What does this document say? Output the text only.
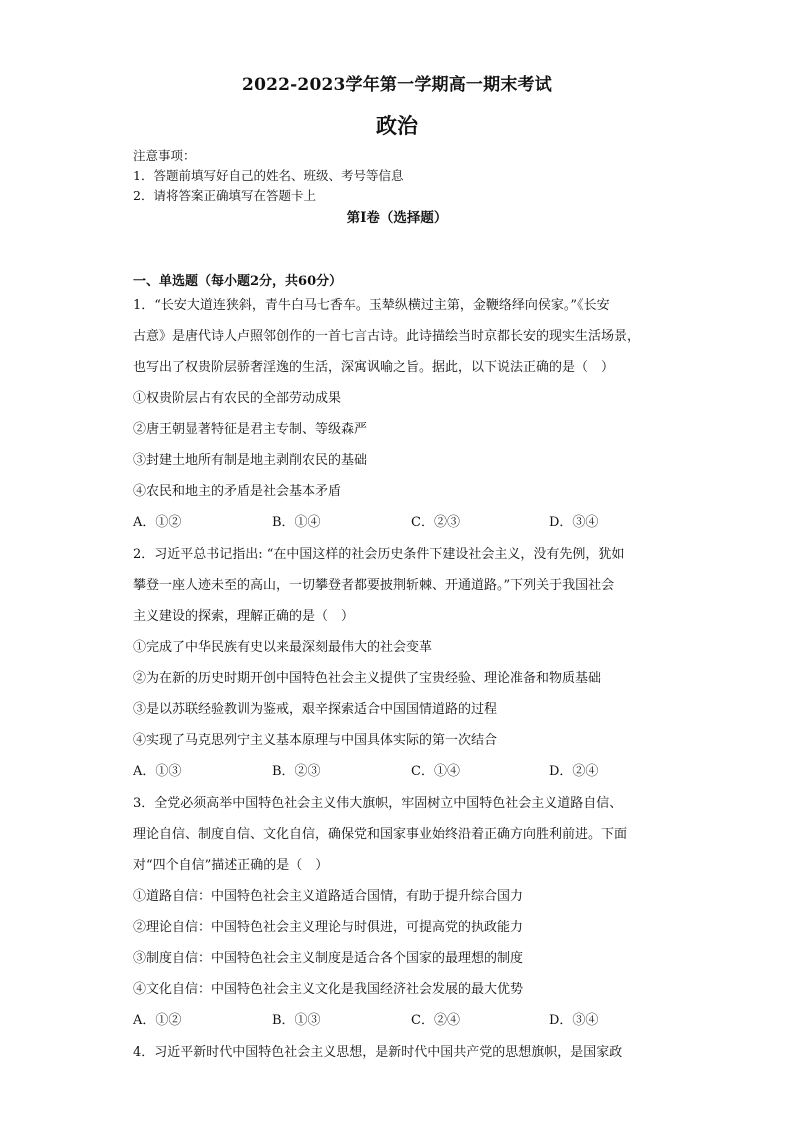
2022-2023学年第一学期高一期末考试
政治
注意事项：
1．答题前填写好自己的姓名、班级、考号等信息
2．请将答案正确填写在答题卡上
第I卷（选择题）
一、单选题（每小题2分，共60分）
1．“长安大道连狭斜，青牛白马七香车。玉辇纵横过主第，金鞭络绎向侯家。”《长安
古意》是唐代诗人卢照邻创作的一首七言古诗。此诗描绘当时京都长安的现实生活场景，
也写出了权贵阶层骄奢淫逸的生活，深寓讽喻之旨。据此，以下说法正确的是（　）
①权贵阶层占有农民的全部劳动成果
②唐王朝显著特征是君主专制、等级森严
③封建土地所有制是地主剥削农民的基础
④农民和地主的矛盾是社会基本矛盾
A．①②	B．①④	C．②③	D．③④
2．习近平总书记指出: “在中国这样的社会历史条件下建设社会主义，没有先例，犹如
攀登一座人迹未至的高山，一切攀登者都要披荆斩棘、开通道路。”下列关于我国社会
主义建设的探索，理解正确的是（　）
①完成了中华民族有史以来最深刻最伟大的社会变革
②为在新的历史时期开创中国特色社会主义提供了宝贵经验、理论准备和物质基础
③是以苏联经验教训为鉴戒，艰辛探索适合中国国情道路的过程
④实现了马克思列宁主义基本原理与中国具体实际的第一次结合
A．①③	B．②③	C．①④	D．②④
3．全党必须高举中国特色社会主义伟大旗帜，牢固树立中国特色社会主义道路自信、
理论自信、制度自信、文化自信，确保党和国家事业始终沿着正确方向胜利前进。下面
对“四个自信”描述正确的是（　）
①道路自信：中国特色社会主义道路适合国情，有助于提升综合国力
②理论自信：中国特色社会主义理论与时俱进，可提高党的执政能力
③制度自信：中国特色社会主义制度是适合各个国家的最理想的制度
④文化自信：中国特色社会主义文化是我国经济社会发展的最大优势
A．①②	B．①③	C．②④	D．③④
4．习近平新时代中国特色社会主义思想，是新时代中国共产党的思想旗帜，是国家政
